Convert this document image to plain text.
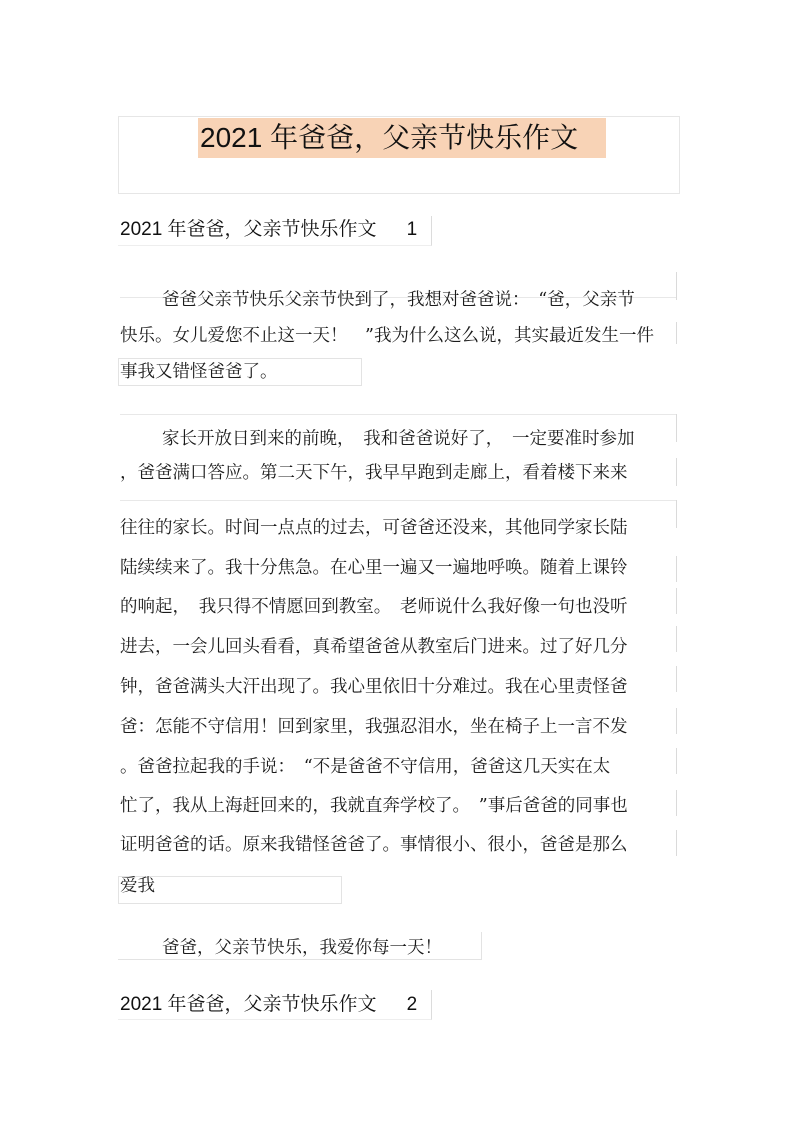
2021 年爸爸，父亲节快乐作文
2021 年爸爸，父亲节快乐作文 1
爸爸父亲节快乐父亲节快到了，我想对爸爸说：　“爸，父亲节
快乐。女儿爱您不止这一天！　”我为什么这么说，其实最近发生一件
事我又错怪爸爸了。
家长开放日到来的前晚，　我和爸爸说好了，　一定要准时参加
，爸爸满口答应。第二天下午，我早早跑到走廊上，看着楼下来来
往往的家长。时间一点点的过去，可爸爸还没来，其他同学家长陆
陆续续来了。我十分焦急。在心里一遍又一遍地呼唤。随着上课铃
的响起，　我只得不情愿回到教室。　老师说什么我好像一句也没听
进去，一会儿回头看看，真希望爸爸从教室后门进来。过了好几分
钟，爸爸满头大汗出现了。我心里依旧十分难过。我在心里责怪爸
爸：怎能不守信用！回到家里，我强忍泪水，坐在椅子上一言不发
。爸爸拉起我的手说：　“不是爸爸不守信用，爸爸这几天实在太
忙了，我从上海赶回来的，我就直奔学校了。　”事后爸爸的同事也
证明爸爸的话。原来我错怪爸爸了。事情很小、很小，爸爸是那么
爱我
爸爸，父亲节快乐，我爱你每一天！
2021 年爸爸，父亲节快乐作文 2
